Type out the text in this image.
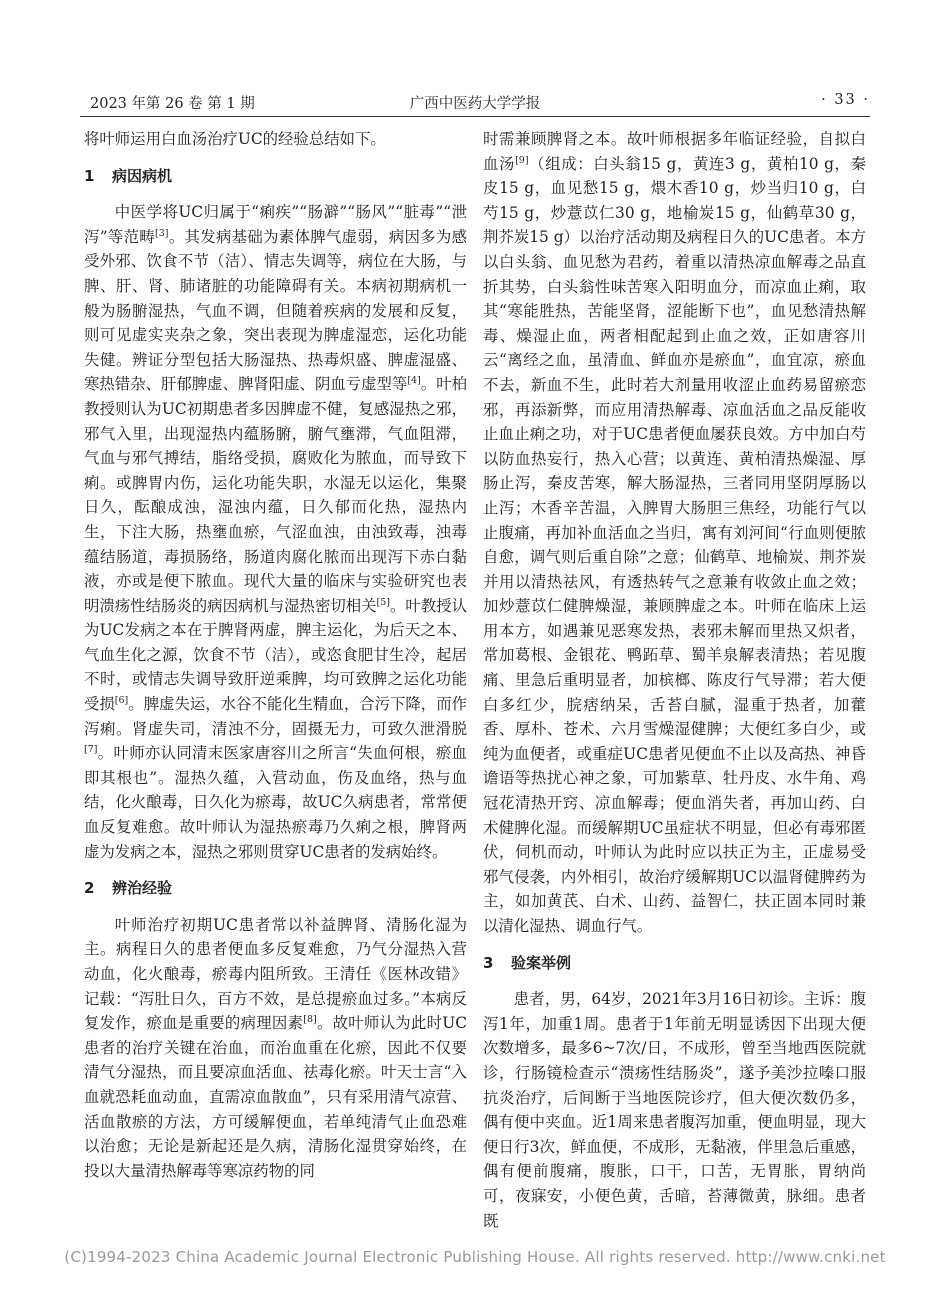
2023 年第 26 卷 第 1 期	广西中医药大学学报	· 33 ·

将叶师运用白血汤治疗UC的经验总结如下。

1 病因病机

中医学将UC归属于“痢疾”“肠澼”“肠风”“脏毒”“泄泻”等范畴[3]。其发病基础为素体脾气虚弱，病因多为感受外邪、饮食不节（洁）、情志失调等，病位在大肠，与脾、肝、肾、肺诸脏的功能障碍有关。本病初期病机一般为肠腑湿热，气血不调，但随着疾病的发展和反复，则可见虚实夹杂之象，突出表现为脾虚湿恋，运化功能失健。辨证分型包括大肠湿热、热毒炽盛、脾虚湿盛、寒热错杂、肝郁脾虚、脾肾阳虚、阴血亏虚型等[4]。叶柏教授则认为UC初期患者多因脾虚不健，复感湿热之邪，邪气入里，出现湿热内蕴肠腑，腑气壅滞，气血阻滞，气血与邪气搏结，脂络受损，腐败化为脓血，而导致下痢。或脾胃内伤，运化功能失职，水湿无以运化，集聚日久，酝酿成浊，湿浊内蕴，日久郁而化热，湿热内生，下注大肠，热壅血瘀，气涩血浊，由浊致毒，浊毒蕴结肠道，毒损肠络，肠道肉腐化脓而出现泻下赤白黏液，亦或是便下脓血。现代大量的临床与实验研究也表明溃疡性结肠炎的病因病机与湿热密切相关[5]。叶教授认为UC发病之本在于脾肾两虚，脾主运化，为后天之本、气血生化之源，饮食不节（洁），或恣食肥甘生冷，起居不时，或情志失调导致肝逆乘脾，均可致脾之运化功能受损[6]。脾虚失运，水谷不能化生精血，合污下降，而作泻痢。肾虚失司，清浊不分，固摄无力，可致久泄滑脱[7]。叶师亦认同清末医家唐容川之所言“失血何根，瘀血即其根也”。湿热久蕴，入营动血，伤及血络，热与血结，化火酿毒，日久化为瘀毒，故UC久病患者，常常便血反复难愈。故叶师认为湿热瘀毒乃久痢之根，脾肾两虚为发病之本，湿热之邪则贯穿UC患者的发病始终。

2 辨治经验

叶师治疗初期UC患者常以补益脾肾、清肠化湿为主。病程日久的患者便血多反复难愈，乃气分湿热入营动血，化火酿毒，瘀毒内阻所致。王清任《医林改错》记载：“泻肚日久，百方不效，是总提瘀血过多。”本病反复发作，瘀血是重要的病理因素[8]。故叶师认为此时UC患者的治疗关键在治血，而治血重在化瘀，因此不仅要清气分湿热，而且要凉血活血、祛毒化瘀。叶天士言“入血就恐耗血动血，直需凉血散血”，只有采用清气凉营、活血散瘀的方法，方可缓解便血，若单纯清气止血恐难以治愈；无论是新起还是久病，清肠化湿贯穿始终，在投以大量清热解毒等寒凉药物的同

时需兼顾脾肾之本。故叶师根据多年临证经验，自拟白血汤[9]（组成：白头翁15 g，黄连3 g，黄柏10 g，秦皮15 g，血见愁15 g，煨木香10 g，炒当归10 g，白芍15 g，炒薏苡仁30 g，地榆炭15 g，仙鹤草30 g，荆芥炭15 g）以治疗活动期及病程日久的UC患者。本方以白头翁、血见愁为君药，着重以清热凉血解毒之品直折其势，白头翁性味苦寒入阳明血分，而凉血止痢，取其“寒能胜热，苦能坚肾，涩能断下也”，血见愁清热解毒、燥湿止血，两者相配起到止血之效，正如唐容川云“离经之血，虽清血、鲜血亦是瘀血”，血宜凉，瘀血不去，新血不生，此时若大剂量用收涩止血药易留瘀恋邪，再添新弊，而应用清热解毒、凉血活血之品反能收止血止痢之功，对于UC患者便血屡获良效。方中加白芍以防血热妄行，热入心营；以黄连、黄柏清热燥湿、厚肠止泻，秦皮苦寒，解大肠湿热，三者同用坚阴厚肠以止泻；木香辛苦温，入脾胃大肠胆三焦经，功能行气以止腹痛，再加补血活血之当归，寓有刘河间“行血则便脓自愈，调气则后重自除”之意；仙鹤草、地榆炭、荆芥炭并用以清热祛风，有透热转气之意兼有收敛止血之效；加炒薏苡仁健脾燥湿，兼顾脾虚之本。叶师在临床上运用本方，如遇兼见恶寒发热，表邪未解而里热又炽者，常加葛根、金银花、鸭跖草、蜀羊泉解表清热；若见腹痛、里急后重明显者，加槟榔、陈皮行气导滞；若大便白多红少，脘痞纳呆，舌苔白腻，湿重于热者，加藿香、厚朴、苍术、六月雪燥湿健脾；大便红多白少，或纯为血便者，或重症UC患者见便血不止以及高热、神昏谵语等热扰心神之象，可加紫草、牡丹皮、水牛角、鸡冠花清热开窍、凉血解毒；便血消失者，再加山药、白术健脾化湿。而缓解期UC虽症状不明显，但必有毒邪匿伏，伺机而动，叶师认为此时应以扶正为主，正虚易受邪气侵袭，内外相引，故治疗缓解期UC以温肾健脾药为主，如加黄芪、白术、山药、益智仁，扶正固本同时兼以清化湿热、调血行气。

3 验案举例

患者，男，64岁，2021年3月16日初诊。主诉：腹泻1年，加重1周。患者于1年前无明显诱因下出现大便次数增多，最多6~7次/日，不成形，曾至当地西医院就诊，行肠镜检查示“溃疡性结肠炎”，遂予美沙拉嗪口服抗炎治疗，后间断于当地医院诊疗，但大便次数仍多，偶有便中夹血。近1周来患者腹泻加重，便血明显，现大便日行3次，鲜血便，不成形，无黏液，伴里急后重感，偶有便前腹痛，腹胀，口干，口苦，无胃胀，胃纳尚可，夜寐安，小便色黄，舌暗，苔薄微黄，脉细。患者既

(C)1994-2023 China Academic Journal Electronic Publishing House. All rights reserved. http://www.cnki.net
